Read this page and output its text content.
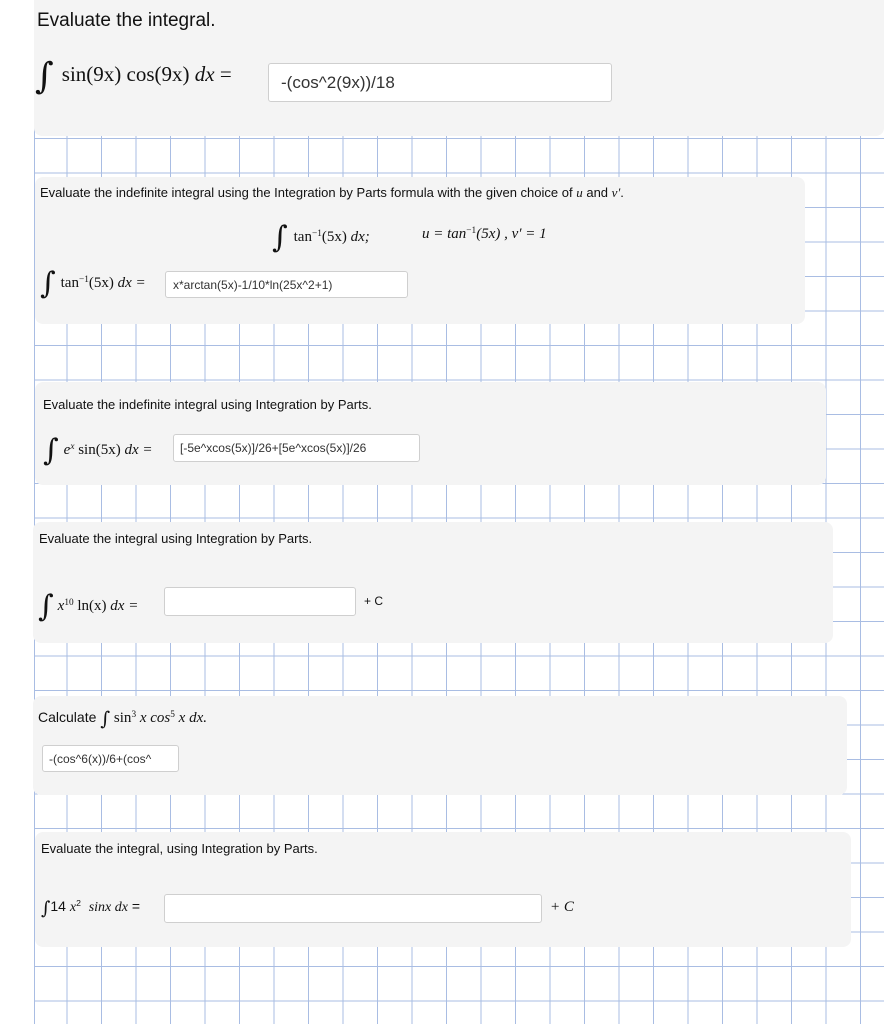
Evaluate the integral.
∫ sin(9x) cos(9x) dx =	-(cos^2(9x))/18
Evaluate the indefinite integral using the Integration by Parts formula with the given choice of u and v′.
∫ $\tan^{-1}(5x)$ dx;	$u = \tan^{-1}(5x)$ , v′ = 1
∫ $\tan^{-1}(5x)$ dx =	x*arctan(5x)-1/10*ln(25x^2+1)
Evaluate the indefinite integral using Integration by Parts.
∫ $e^x$ sin(5x) dx =	[-5e^xcos(5x)]/26+[5e^xcos(5x)]/26
Evaluate the integral using Integration by Parts.
∫ $x^{10}$ ln(x) dx =	+ C
Calculate ∫ $\sin^3 x$ $\cos^5 x$ dx.
-(cos^6(x))/6+(cos^
Evaluate the integral, using Integration by Parts.
∫14 $x^2$ sinx dx =	+ C
